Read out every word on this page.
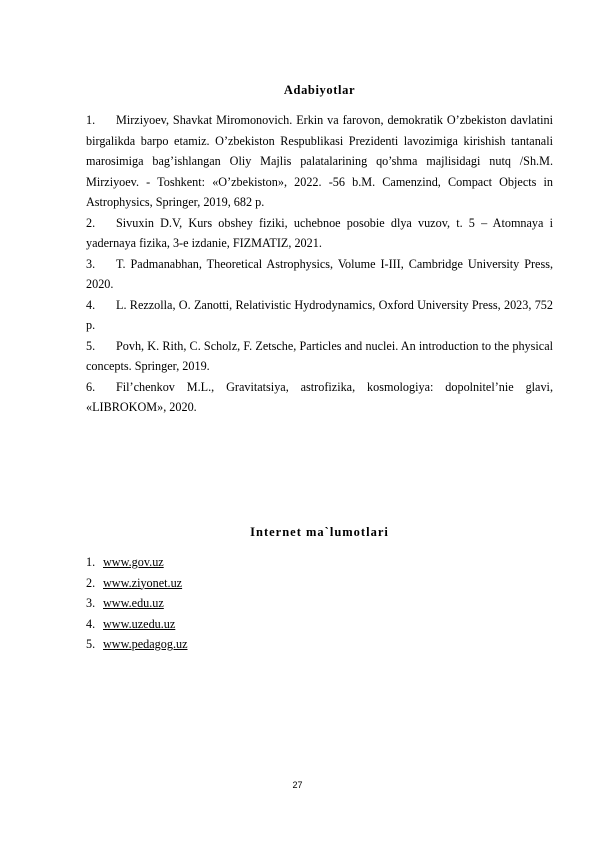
Adabiyotlar

1. Mirziyoev, Shavkat Miromonovich. Erkin va farovon, demokratik O’zbekiston davlatini birgalikda barpo etamiz. O’zbekiston Respublikasi Prezidenti lavozimiga kirishish tantanali marosimiga bag’ishlangan Oliy Majlis palatalarining qo’shma majlisidagi nutq /Sh.M. Mirziyoev. - Toshkent: «O’zbekiston», 2022. -56 b.M. Camenzind, Compact Objects in Astrophysics, Springer, 2019, 682 p.

2. Sivuxin D.V, Kurs obshey fiziki, uchebnoe posobie dlya vuzov, t. 5 – Atomnaya i yadernaya fizika, 3-e izdanie, FIZMATIZ, 2021.

3. T. Padmanabhan, Theoretical Astrophysics, Volume I-III, Cambridge University Press, 2020.

4. L. Rezzolla, O. Zanotti, Relativistic Hydrodynamics, Oxford University Press, 2023, 752 p.

5. Povh, K. Rith, C. Scholz, F. Zetsche, Particles and nuclei. An introduction to the physical concepts. Springer, 2019.

6. Fil’chenkov M.L., Gravitatsiya, astrofizika, kosmologiya: dopolnitel’nie glavi, «LIBROKOM», 2020.

Internet ma`lumotlari
1. www.gov.uz
2. www.ziyonet.uz
3. www.edu.uz
4. www.uzedu.uz
5. www.pedagog.uz
27
